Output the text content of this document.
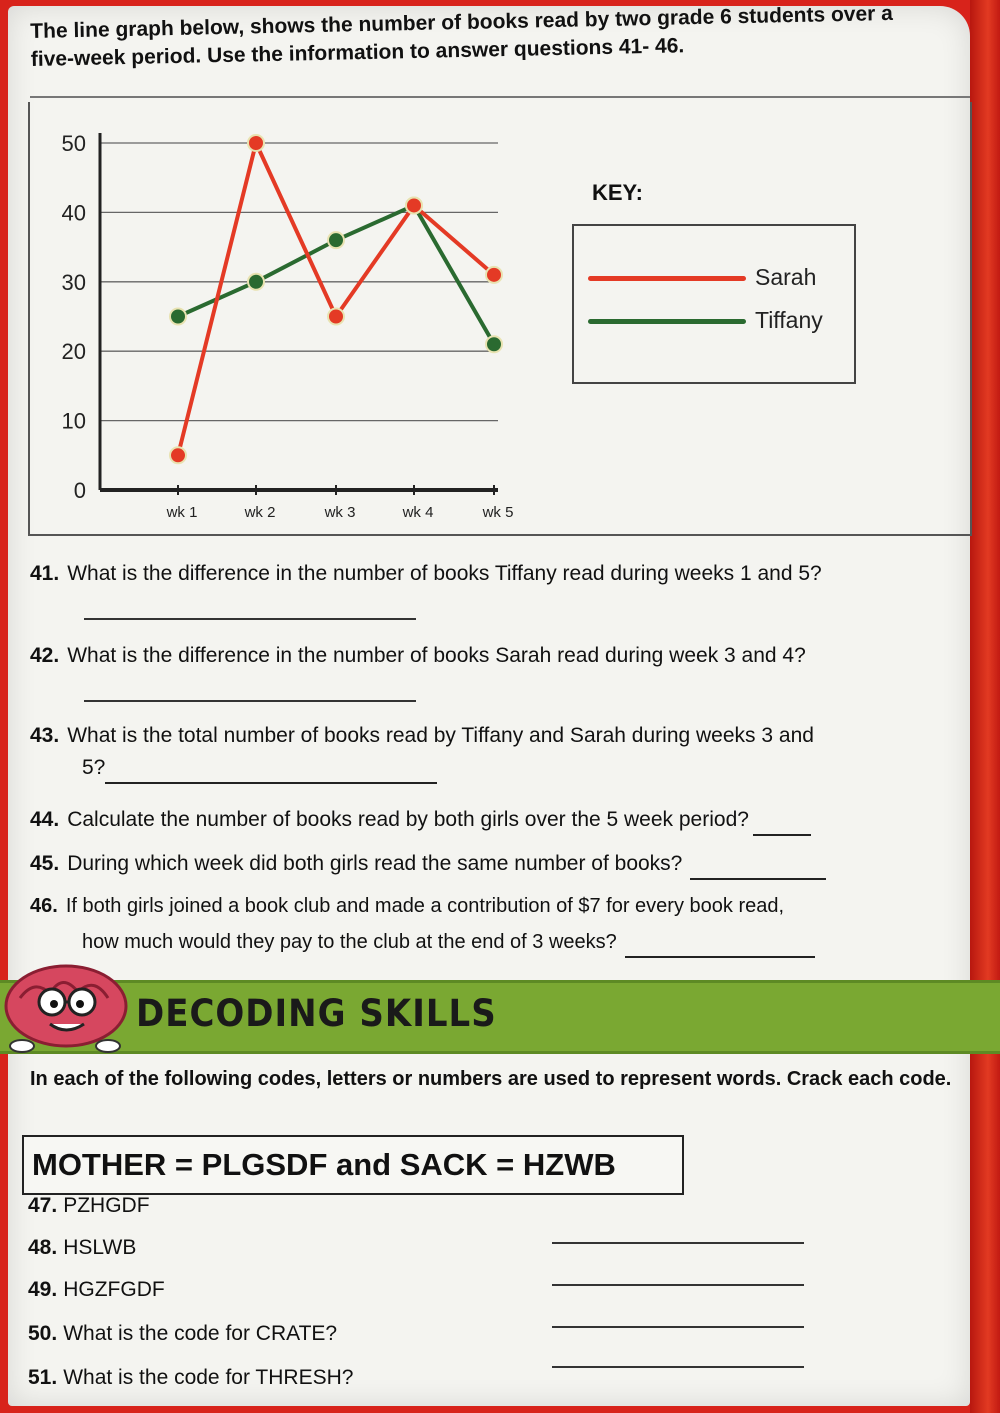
The line graph below, shows the number of books read by two grade 6 students over a five-week period. Use the information to answer questions 41- 46.
0
10
20
30
40
50
wk 1	wk 2	wk 3	wk 4	wk 5
KEY:
Sarah
Tiffany
41. What is the difference in the number of books Tiffany read during weeks 1 and 5?
42. What is the difference in the number of books Sarah read during week 3 and 4?
43. What is the total number of books read by Tiffany and Sarah during weeks 3 and
5?
44. Calculate the number of books read by both girls over the 5 week period?
45. During which week did both girls read the same number of books?
46. If both girls joined a book club and made a contribution of $7 for every book read,
how much would they pay to the club at the end of 3 weeks?
DECODING SKILLS
In each of the following codes, letters or numbers are used to represent words. Crack each code.
MOTHER = PLGSDF and SACK = HZWB
47. PZHGDF
48. HSLWB
49. HGZFGDF
50. What is the code for CRATE?
51. What is the code for THRESH?
